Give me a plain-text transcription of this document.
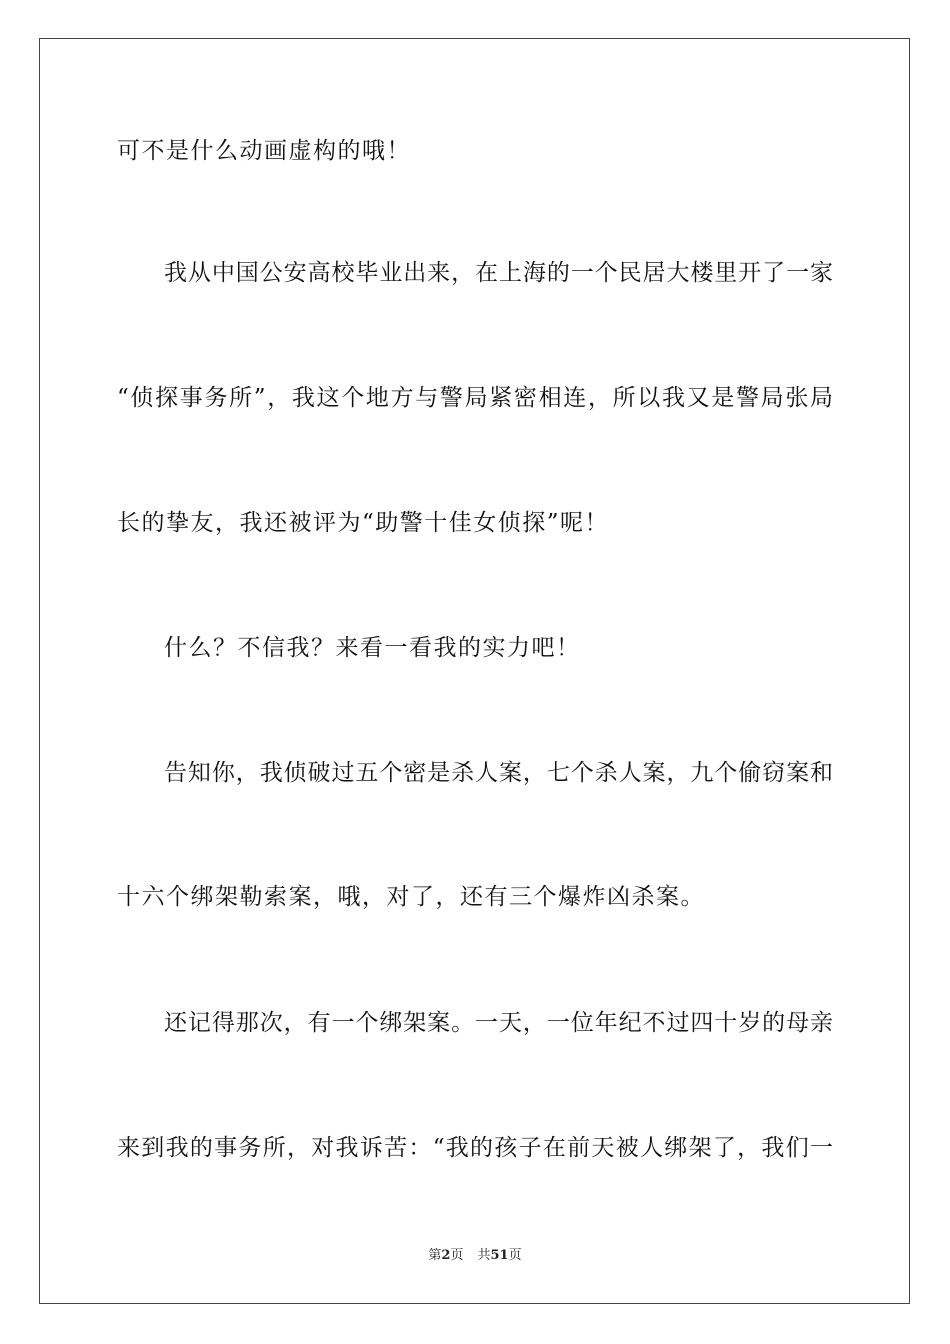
可不是什么动画虚构的哦！
我从中国公安高校毕业出来，在上海的一个民居大楼里开了一家
“侦探事务所”，我这个地方与警局紧密相连，所以我又是警局张局
长的挚友，我还被评为“助警十佳女侦探”呢！
什么？不信我？来看一看我的实力吧！
告知你，我侦破过五个密是杀人案，七个杀人案，九个偷窃案和
十六个绑架勒索案，哦，对了，还有三个爆炸凶杀案。
还记得那次，有一个绑架案。一天，一位年纪不过四十岁的母亲
来到我的事务所，对我诉苦：“我的孩子在前天被人绑架了，我们一
第2页 共51页
